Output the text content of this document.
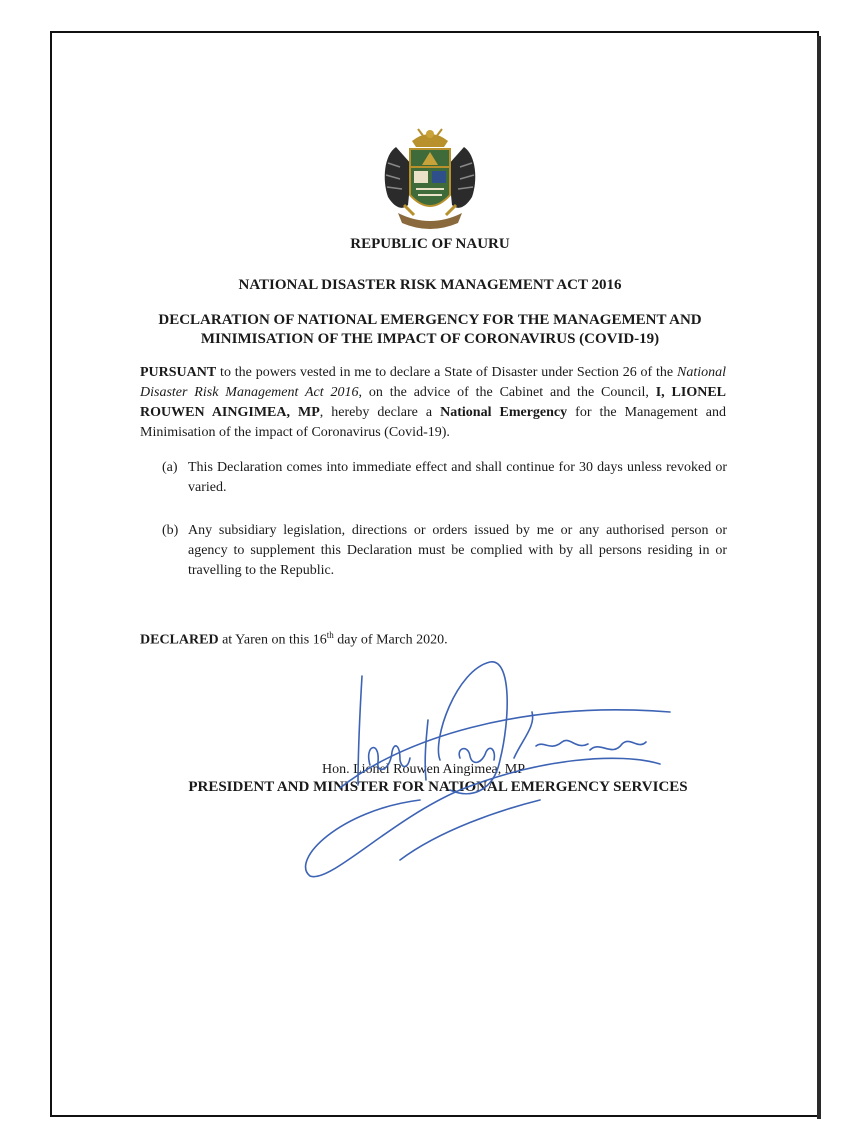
REPUBLIC OF NAURU
NATIONAL DISASTER RISK MANAGEMENT ACT 2016
DECLARATION OF NATIONAL EMERGENCY FOR THE MANAGEMENT AND
MINIMISATION OF THE IMPACT OF CORONAVIRUS (COVID-19)
PURSUANT to the powers vested in me to declare a State of Disaster under Section 26 of the National Disaster Risk Management Act 2016, on the advice of the Cabinet and the Council, I, LIONEL ROUWEN AINGIMEA, MP, hereby declare a National Emergency for the Management and Minimisation of the impact of Coronavirus (Covid-19).
(a) This Declaration comes into immediate effect and shall continue for 30 days unless revoked or varied.
(b) Any subsidiary legislation, directions or orders issued by me or any authorised person or agency to supplement this Declaration must be complied with by all persons residing in or travelling to the Republic.
DECLARED at Yaren on this 16th day of March 2020.
Hon. Lionel Rouwen Aingimea, MP
PRESIDENT AND MINISTER FOR NATIONAL EMERGENCY SERVICES
